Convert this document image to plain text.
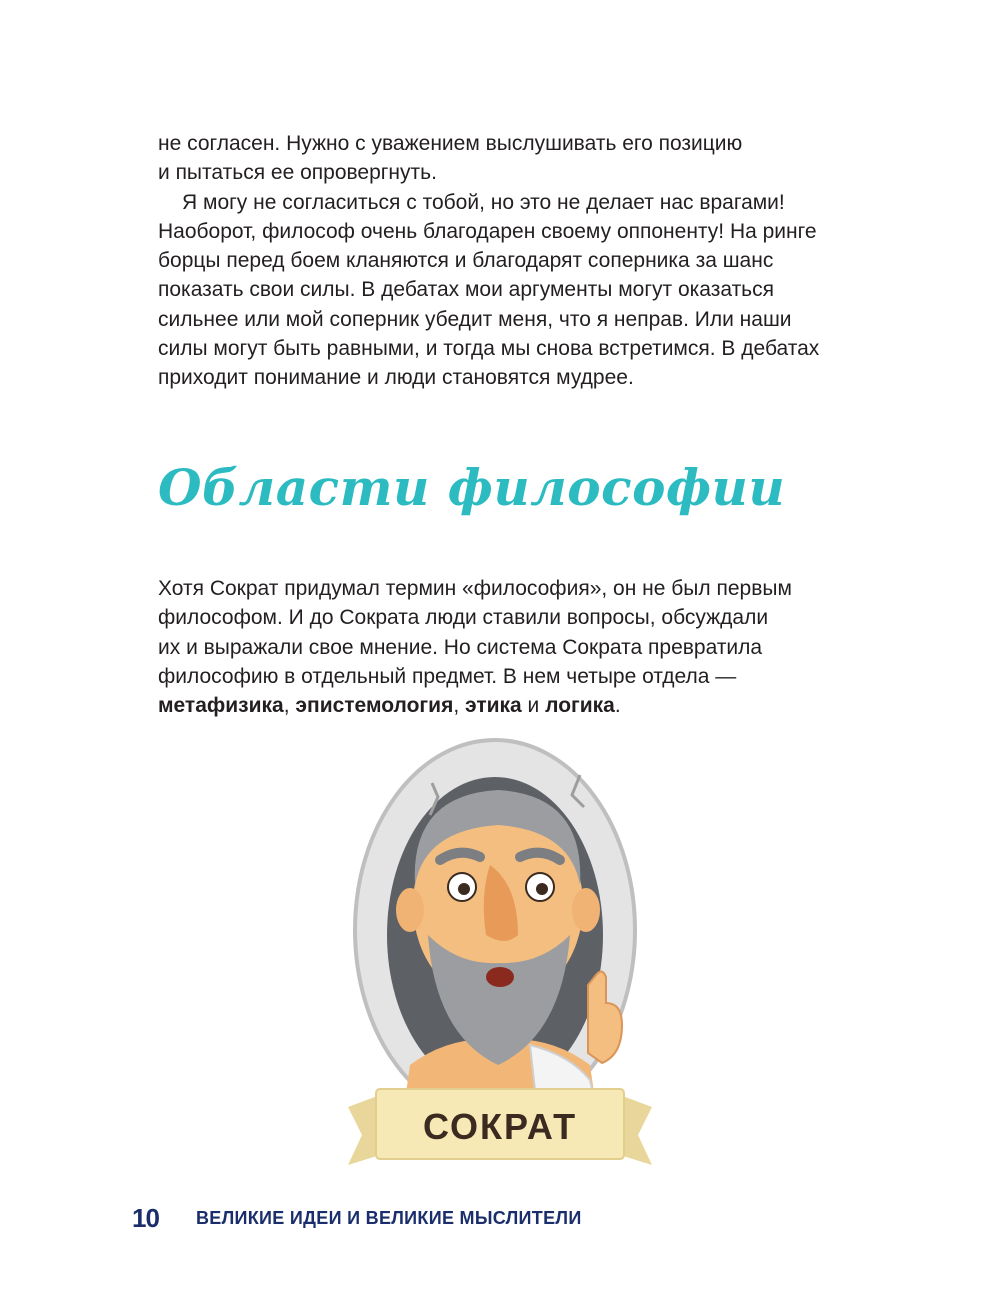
не согласен. Нужно с уважением выслушивать его позицию
и пытаться ее опровергнуть.
Я могу не согласиться с тобой, но это не делает нас врагами!
Наоборот, философ очень благодарен своему оппоненту! На ринге
борцы перед боем кланяются и благодарят соперника за шанс
показать свои силы. В дебатах мои аргументы могут оказаться
сильнее или мой соперник убедит меня, что я неправ. Или наши
силы могут быть равными, и тогда мы снова встретимся. В дебатах
приходит понимание и люди становятся мудрее.
Области философии
Хотя Сократ придумал термин «философия», он не был первым
философом. И до Сократа люди ставили вопросы, обсуждали
их и выражали свое мнение. Но система Сократа превратила
философию в отдельный предмет. В нем четыре отдела —
метафизика, эпистемология, этика и логика.
СОКРАТ
10 ВЕЛИКИЕ ИДЕИ И ВЕЛИКИЕ МЫСЛИТЕЛИ
